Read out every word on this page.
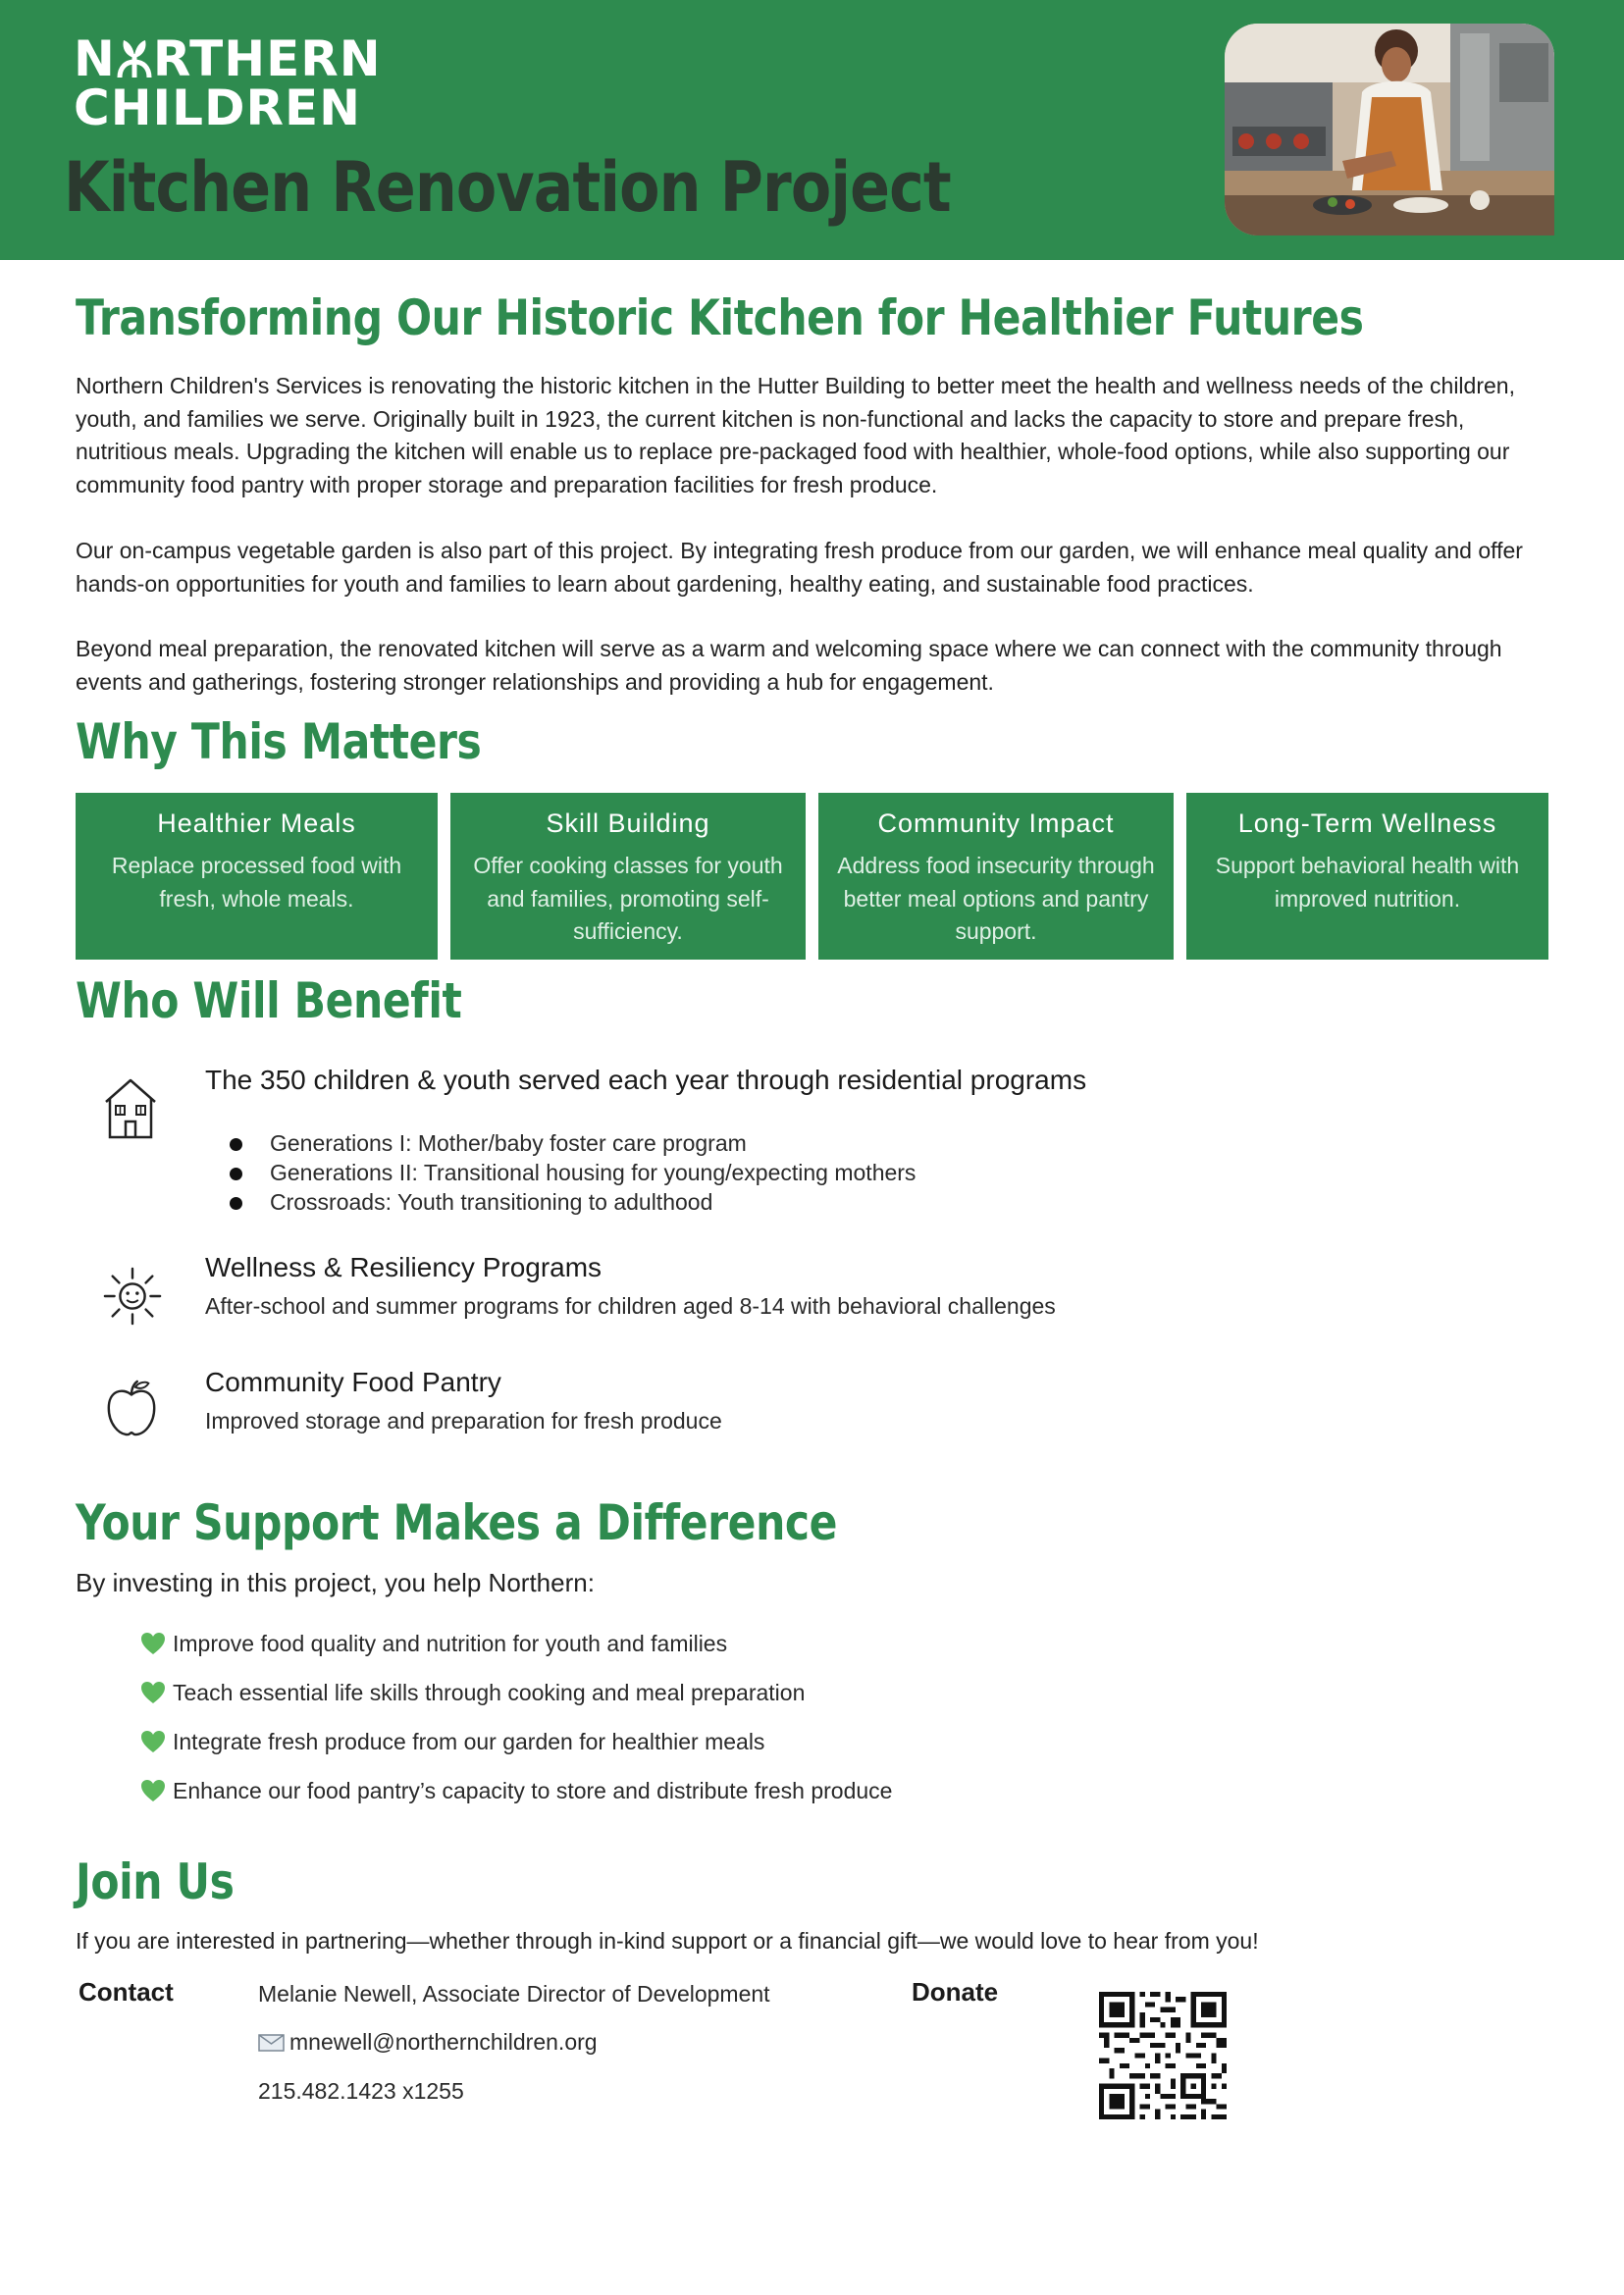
N RTHERN
CHILDREN
Kitchen Renovation Project
Transforming Our Historic Kitchen for Healthier Futures
Northern Children's Services is renovating the historic kitchen in the Hutter Building to better meet the health and wellness needs of the children, youth, and families we serve. Originally built in 1923, the current kitchen is non-functional and lacks the capacity to store and prepare fresh, nutritious meals. Upgrading the kitchen will enable us to replace pre-packaged food with healthier, whole-food options, while also supporting our community food pantry with proper storage and preparation facilities for fresh produce.
Our on-campus vegetable garden is also part of this project. By integrating fresh produce from our garden, we will enhance meal quality and offer hands-on opportunities for youth and families to learn about gardening, healthy eating, and sustainable food practices.
Beyond meal preparation, the renovated kitchen will serve as a warm and welcoming space where we can connect with the community through events and gatherings, fostering stronger relationships and providing a hub for engagement.
Why This Matters
Healthier Meals
Replace processed food with fresh, whole meals.
Skill Building
Offer cooking classes for youth and families, promoting self-sufficiency.
Community Impact
Address food insecurity through better meal options and pantry support.
Long-Term Wellness
Support behavioral health with improved nutrition.
Who Will Benefit
The 350 children & youth served each year through residential programs
Generations I: Mother/baby foster care program
Generations II: Transitional housing for young/expecting mothers
Crossroads: Youth transitioning to adulthood
Wellness & Resiliency Programs
After-school and summer programs for children aged 8-14 with behavioral challenges
Community Food Pantry
Improved storage and preparation for fresh produce
Your Support Makes a Difference
By investing in this project, you help Northern:
Improve food quality and nutrition for youth and families
Teach essential life skills through cooking and meal preparation
Integrate fresh produce from our garden for healthier meals
Enhance our food pantry’s capacity to store and distribute fresh produce
Join Us
If you are interested in partnering—whether through in-kind support or a financial gift—we would love to hear from you!
Contact	Melanie Newell, Associate Director of Development
mnewell@northernchildren.org
215.482.1423 x1255
Donate
